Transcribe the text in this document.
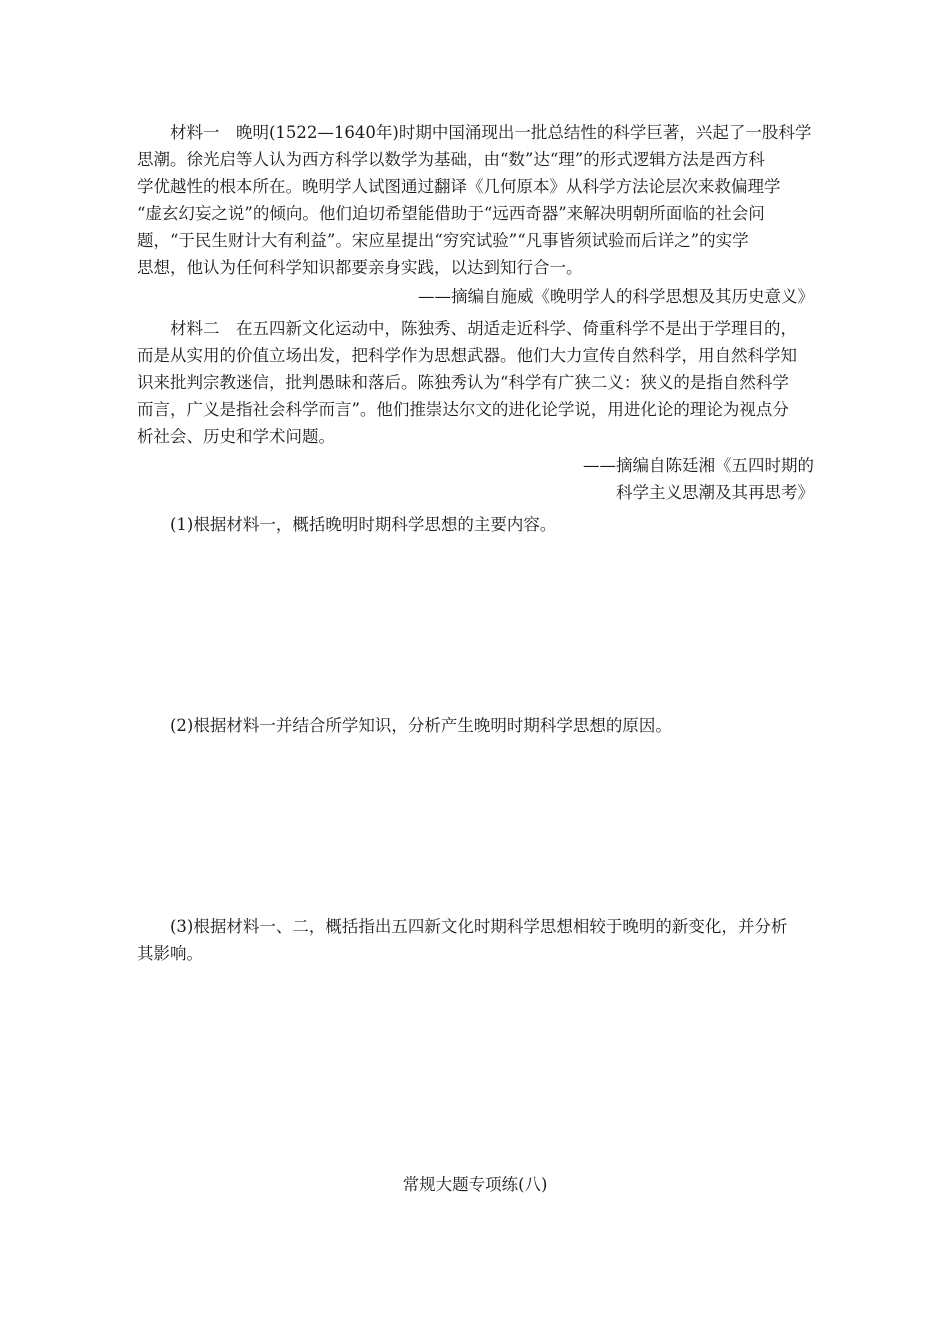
材料一　晚明(1522—1640年)时期中国涌现出一批总结性的科学巨著，兴起了一股科学
思潮。徐光启等人认为西方科学以数学为基础，由“数”达“理”的形式逻辑方法是西方科
学优越性的根本所在。晚明学人试图通过翻译《几何原本》从科学方法论层次来救偏理学
“虚玄幻妄之说”的倾向。他们迫切希望能借助于“远西奇器”来解决明朝所面临的社会问
题，“于民生财计大有利益”。宋应星提出“穷究试验”“凡事皆须试验而后详之”的实学
思想，他认为任何科学知识都要亲身实践，以达到知行合一。
——摘编自施威《晚明学人的科学思想及其历史意义》
材料二　在五四新文化运动中，陈独秀、胡适走近科学、倚重科学不是出于学理目的，
而是从实用的价值立场出发，把科学作为思想武器。他们大力宣传自然科学，用自然科学知
识来批判宗教迷信，批判愚昧和落后。陈独秀认为“科学有广狭二义：狭义的是指自然科学
而言，广义是指社会科学而言”。他们推崇达尔文的进化论学说，用进化论的理论为视点分
析社会、历史和学术问题。
——摘编自陈廷湘《五四时期的
科学主义思潮及其再思考》
(1)根据材料一，概括晚明时期科学思想的主要内容。
(2)根据材料一并结合所学知识，分析产生晚明时期科学思想的原因。
(3)根据材料一、二，概括指出五四新文化时期科学思想相较于晚明的新变化，并分析
其影响。
常规大题专项练(八)
